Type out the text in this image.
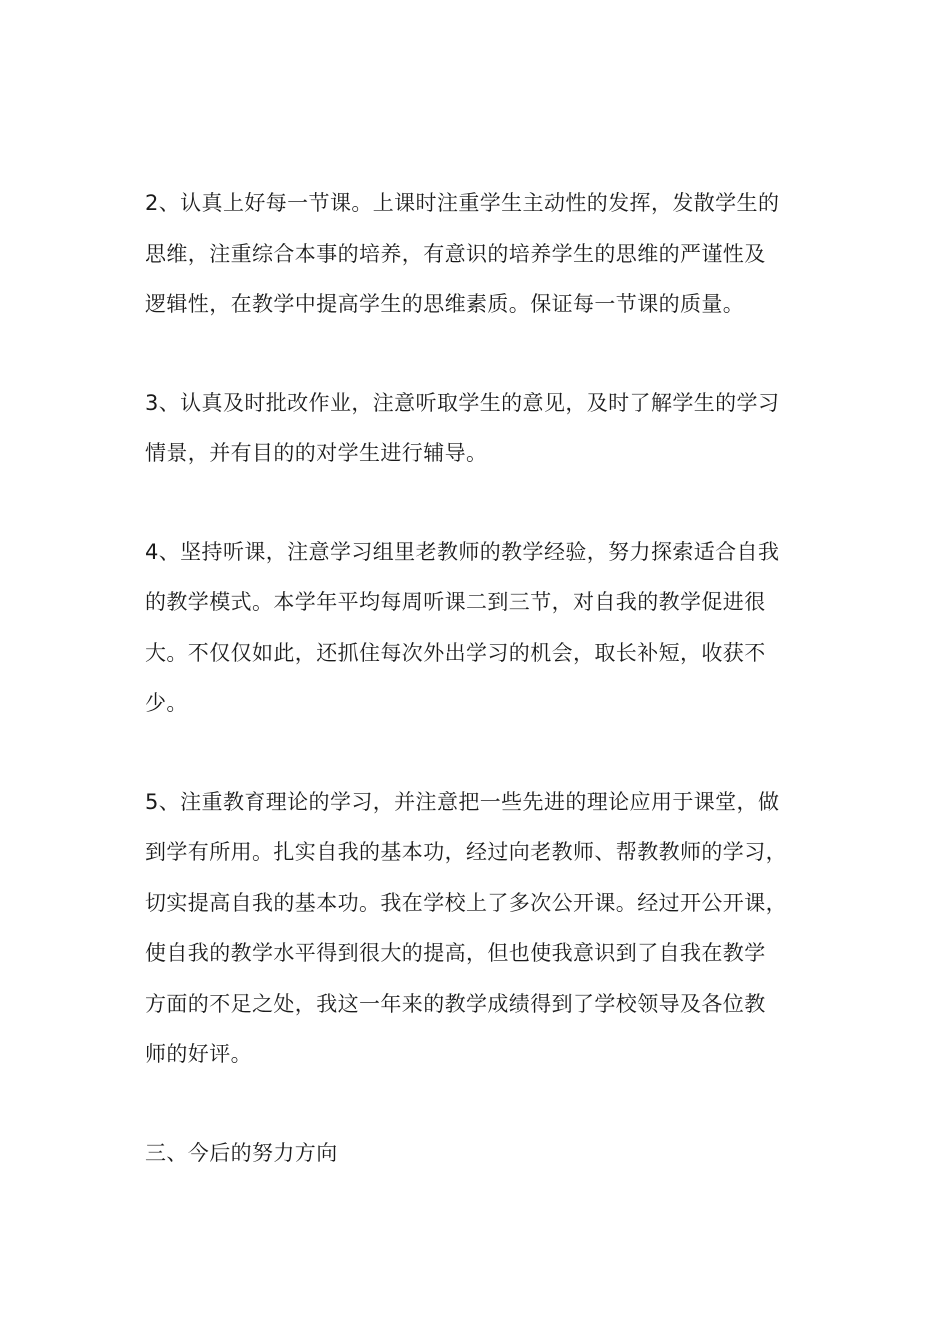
2、认真上好每一节课。上课时注重学生主动性的发挥，发散学生的
思维，注重综合本事的培养，有意识的培养学生的思维的严谨性及
逻辑性，在教学中提高学生的思维素质。保证每一节课的质量。

3、认真及时批改作业，注意听取学生的意见，及时了解学生的学习
情景，并有目的的对学生进行辅导。

4、坚持听课，注意学习组里老教师的教学经验，努力探索适合自我
的教学模式。本学年平均每周听课二到三节，对自我的教学促进很
大。不仅仅如此，还抓住每次外出学习的机会，取长补短，收获不
少。

5、注重教育理论的学习，并注意把一些先进的理论应用于课堂，做
到学有所用。扎实自我的基本功，经过向老教师、帮教教师的学习，
切实提高自我的基本功。我在学校上了多次公开课。经过开公开课，
使自我的教学水平得到很大的提高，但也使我意识到了自我在教学
方面的不足之处，我这一年来的教学成绩得到了学校领导及各位教
师的好评。

三、今后的努力方向
